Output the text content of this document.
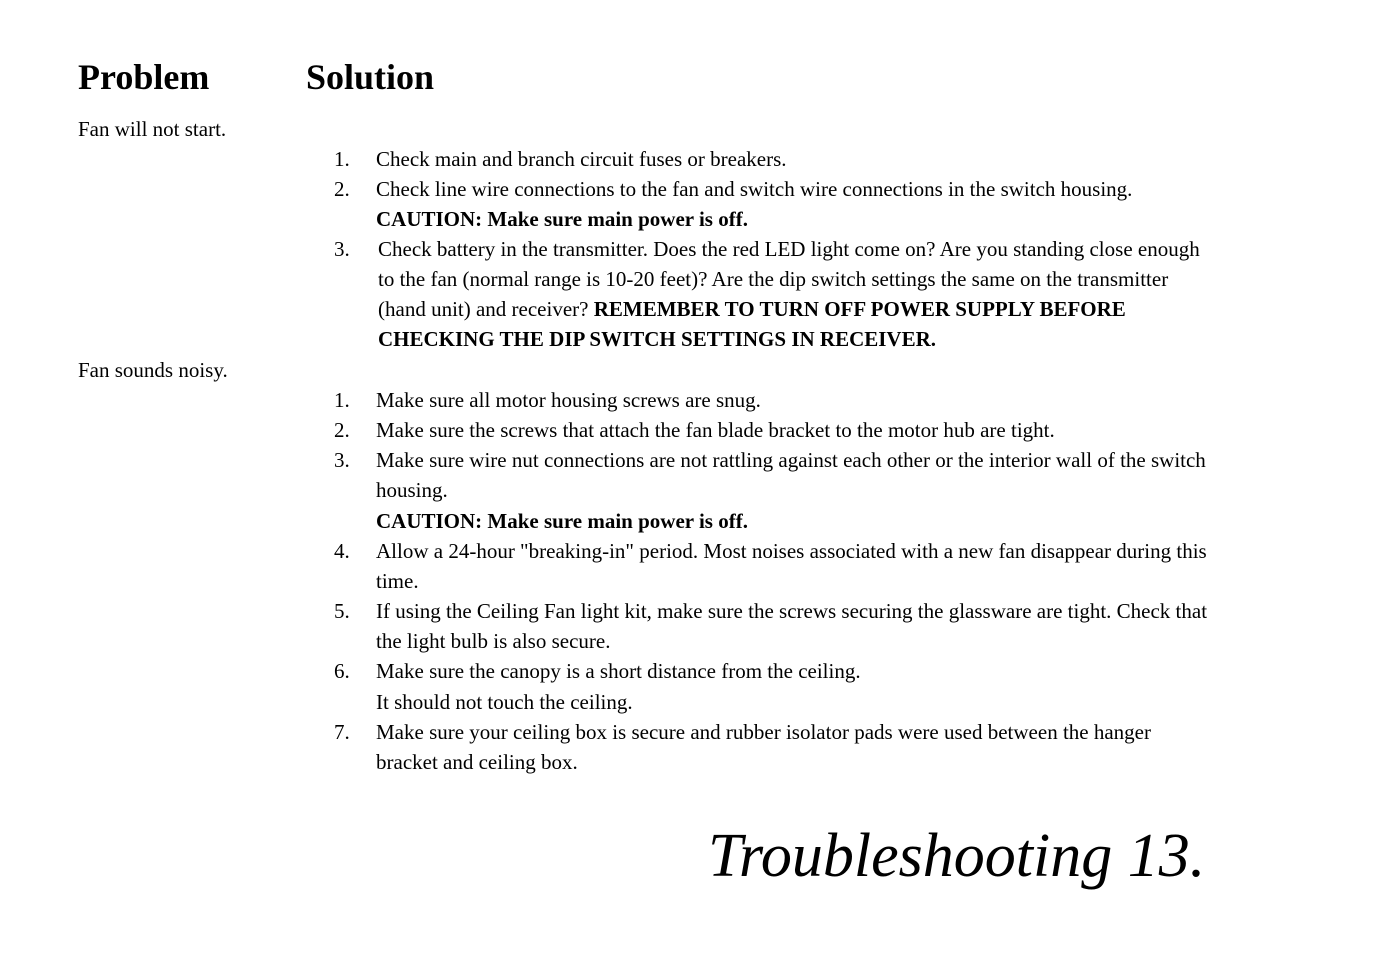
Problem	Solution
Fan will not start.
1. Check main and branch circuit fuses or breakers.
2. Check line wire connections to the fan and switch wire connections in the switch housing.
CAUTION: Make sure main power is off.
3. Check battery in the transmitter. Does the red LED light come on? Are you standing close enough
to the fan (normal range is 10-20 feet)? Are the dip switch settings the same on the transmitter
(hand unit) and receiver? REMEMBER TO TURN OFF POWER SUPPLY BEFORE
CHECKING THE DIP SWITCH SETTINGS IN RECEIVER.
Fan sounds noisy.
1. Make sure all motor housing screws are snug.
2. Make sure the screws that attach the fan blade bracket to the motor hub are tight.
3. Make sure wire nut connections are not rattling against each other or the interior wall of the switch
housing.
CAUTION: Make sure main power is off.
4. Allow a 24-hour "breaking-in" period. Most noises associated with a new fan disappear during this
time.
5. If using the Ceiling Fan light kit, make sure the screws securing the glassware are tight. Check that
the light bulb is also secure.
6. Make sure the canopy is a short distance from the ceiling.
It should not touch the ceiling.
7. Make sure your ceiling box is secure and rubber isolator pads were used between the hanger
bracket and ceiling box.
Troubleshooting 13.
